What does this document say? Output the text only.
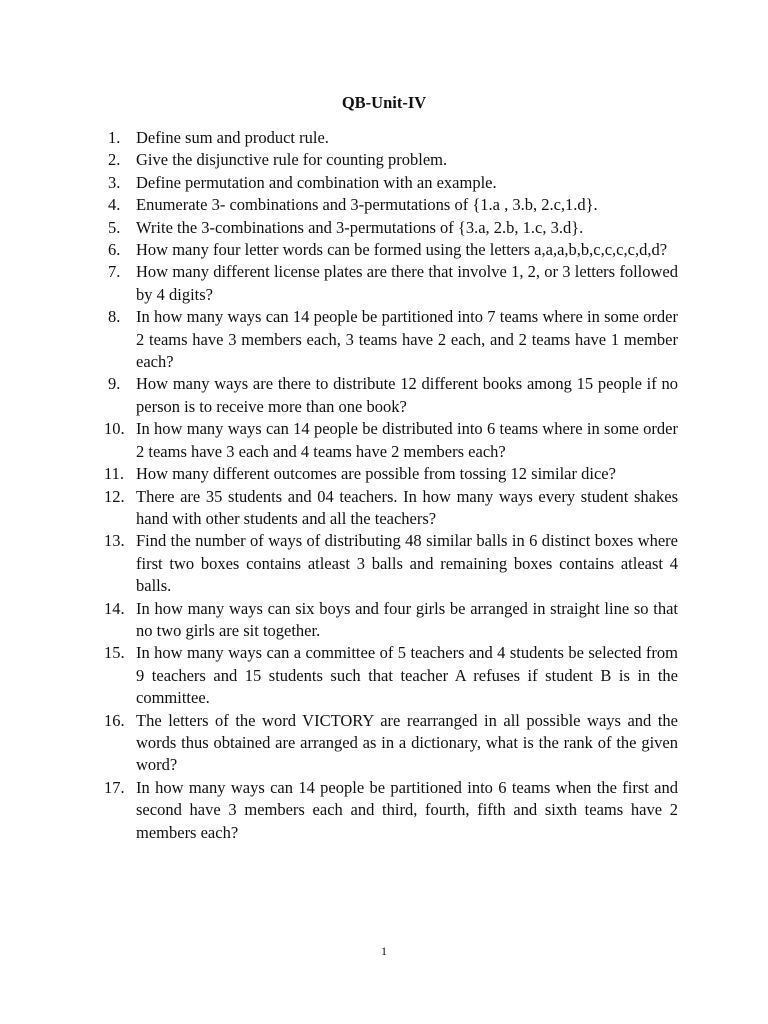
QB-Unit-IV
1. Define sum and product rule.
2. Give the disjunctive rule for counting problem.
3. Define permutation and combination with an example.
4. Enumerate 3- combinations and 3-permutations of {1.a , 3.b, 2.c,1.d}.
5. Write the 3-combinations and 3-permutations of {3.a, 2.b, 1.c, 3.d}.
6. How many four letter words can be formed using the letters a,a,a,b,b,c,c,c,c,d,d?
7. How many different license plates are there that involve 1, 2, or 3 letters followed by 4 digits?
8. In how many ways can 14 people be partitioned into 7 teams where in some order 2 teams have 3 members each, 3 teams have 2 each, and 2 teams have 1 member each?
9. How many ways are there to distribute 12 different books among 15 people if no person is to receive more than one book?
10. In how many ways can 14 people be distributed into 6 teams where in some order 2 teams have 3 each and 4 teams have 2 members each?
11. How many different outcomes are possible from tossing 12 similar dice?
12. There are 35 students and 04 teachers. In how many ways every student shakes hand with other students and all the teachers?
13. Find the number of ways of distributing 48 similar balls in 6 distinct boxes where first two boxes contains atleast 3 balls and remaining boxes contains atleast 4 balls.
14. In how many ways can six boys and four girls be arranged in straight line so that no two girls are sit together.
15. In how many ways can a committee of 5 teachers and 4 students be selected from 9 teachers and 15 students such that teacher A refuses if student B is in the committee.
16. The letters of the word VICTORY are rearranged in all possible ways and the words thus obtained are arranged as in a dictionary, what is the rank of the given word?
17. In how many ways can 14 people be partitioned into 6 teams when the first and second have 3 members each and third, fourth, fifth and sixth teams have 2 members each?
1
